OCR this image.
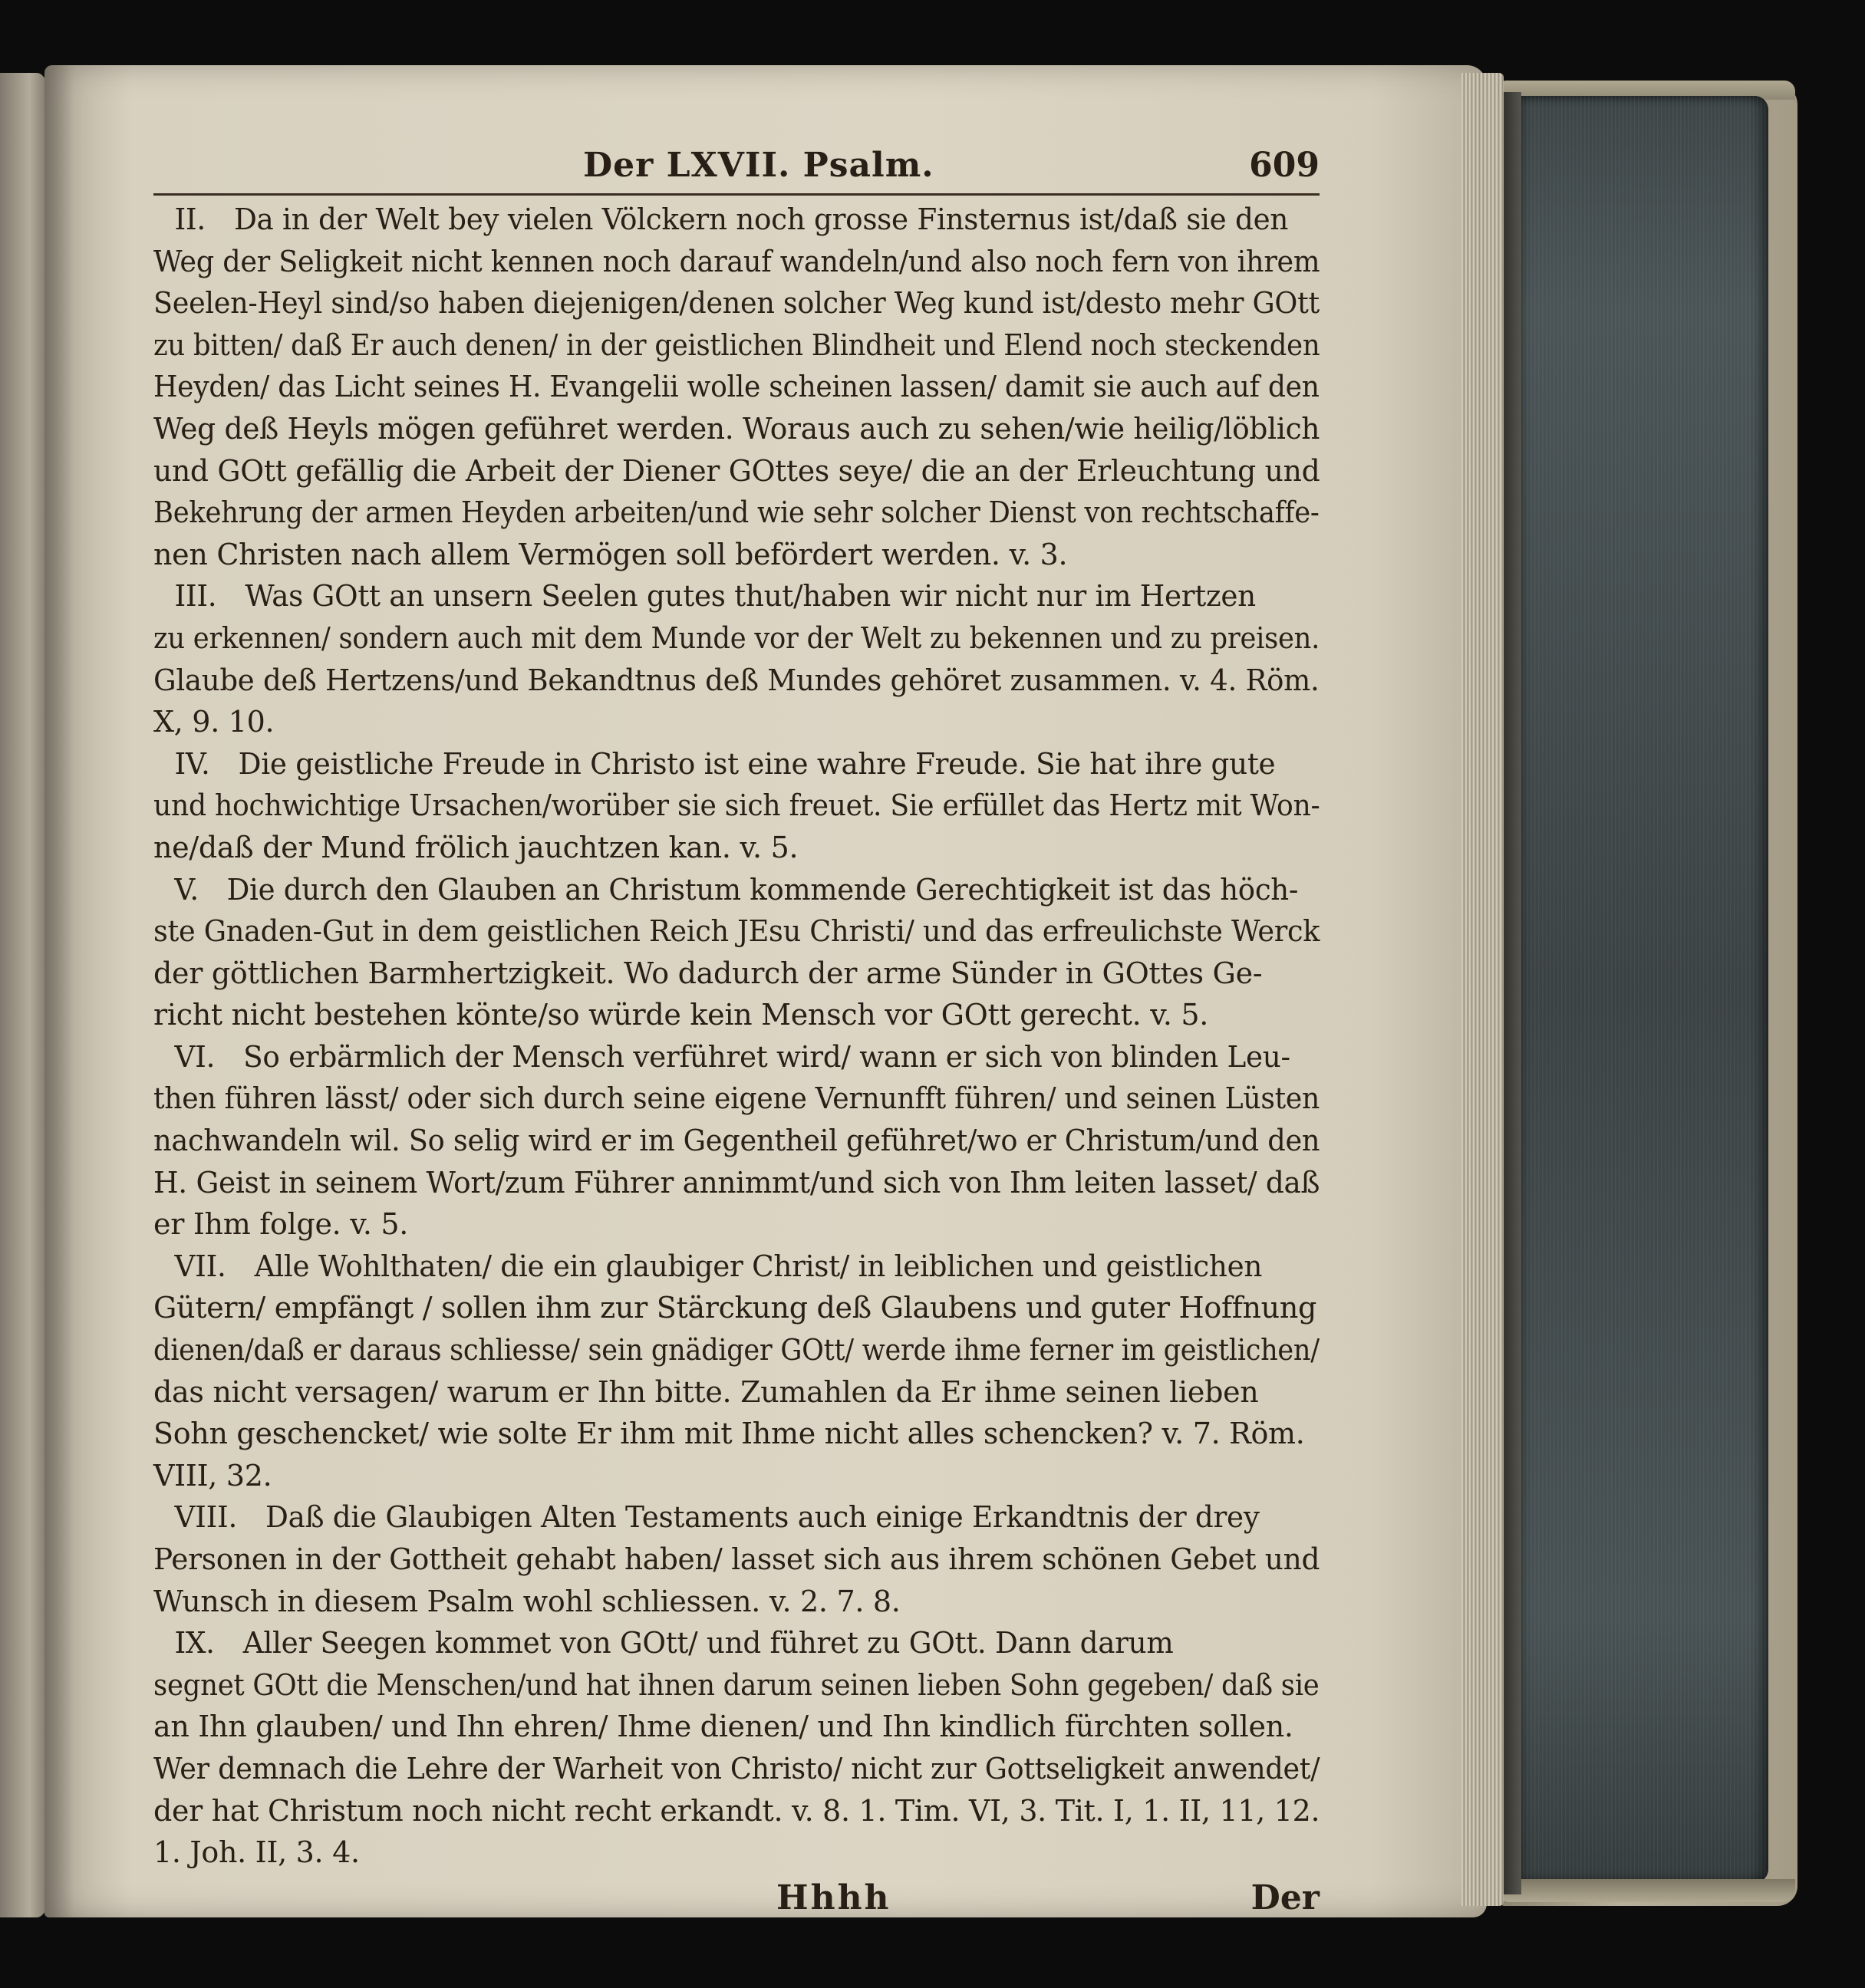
Der LXVII. Psalm.	609
II.  Da in der Welt bey vielen Völckern noch grosse Finsternus ist/daß sie den
Weg der Seligkeit nicht kennen noch darauf wandeln/und also noch fern von ihrem
Seelen-Heyl sind/so haben diejenigen/denen solcher Weg kund ist/desto mehr GOtt
zu bitten/ daß Er auch denen/ in der geistlichen Blindheit und Elend noch steckenden
Heyden/ das Licht seines H. Evangelii wolle scheinen lassen/ damit sie auch auf den
Weg deß Heyls mögen geführet werden. Woraus auch zu sehen/wie heilig/löblich
und GOtt gefällig die Arbeit der Diener GOttes seye/ die an der Erleuchtung und
Bekehrung der armen Heyden arbeiten/und wie sehr solcher Dienst von rechtschaffe-
nen Christen nach allem Vermögen soll befördert werden. v. 3.
III.  Was GOtt an unsern Seelen gutes thut/haben wir nicht nur im Hertzen
zu erkennen/ sondern auch mit dem Munde vor der Welt zu bekennen und zu preisen.
Glaube deß Hertzens/und Bekandtnus deß Mundes gehöret zusammen. v. 4. Röm.
X, 9. 10.
IV.  Die geistliche Freude in Christo ist eine wahre Freude. Sie hat ihre gute
und hochwichtige Ursachen/worüber sie sich freuet. Sie erfüllet das Hertz mit Won-
ne/daß der Mund frölich jauchtzen kan. v. 5.
V.  Die durch den Glauben an Christum kommende Gerechtigkeit ist das höch-
ste Gnaden-Gut in dem geistlichen Reich JEsu Christi/ und das erfreulichste Werck
der göttlichen Barmhertzigkeit. Wo dadurch der arme Sünder in GOttes Ge-
richt nicht bestehen könte/so würde kein Mensch vor GOtt gerecht. v. 5.
VI.  So erbärmlich der Mensch verführet wird/ wann er sich von blinden Leu-
then führen lässt/ oder sich durch seine eigene Vernunfft führen/ und seinen Lüsten
nachwandeln wil. So selig wird er im Gegentheil geführet/wo er Christum/und den
H. Geist in seinem Wort/zum Führer annimmt/und sich von Ihm leiten lasset/ daß
er Ihm folge. v. 5.
VII.  Alle Wohlthaten/ die ein glaubiger Christ/ in leiblichen und geistlichen
Gütern/ empfängt / sollen ihm zur Stärckung deß Glaubens und guter Hoffnung
dienen/daß er daraus schliesse/ sein gnädiger GOtt/ werde ihme ferner im geistlichen/
das nicht versagen/ warum er Ihn bitte. Zumahlen da Er ihme seinen lieben
Sohn geschencket/ wie solte Er ihm mit Ihme nicht alles schencken? v. 7. Röm.
VIII, 32.
VIII.  Daß die Glaubigen Alten Testaments auch einige Erkandtnis der drey
Personen in der Gottheit gehabt haben/ lasset sich aus ihrem schönen Gebet und
Wunsch in diesem Psalm wohl schliessen. v. 2. 7. 8.
IX.  Aller Seegen kommet von GOtt/ und führet zu GOtt. Dann darum
segnet GOtt die Menschen/und hat ihnen darum seinen lieben Sohn gegeben/ daß sie
an Ihn glauben/ und Ihn ehren/ Ihme dienen/ und Ihn kindlich fürchten sollen.
Wer demnach die Lehre der Warheit von Christo/ nicht zur Gottseligkeit anwendet/
der hat Christum noch nicht recht erkandt. v. 8. 1. Tim. VI, 3. Tit. I, 1. II, 11, 12.
1. Joh. II, 3. 4.
Hhhh	Der
